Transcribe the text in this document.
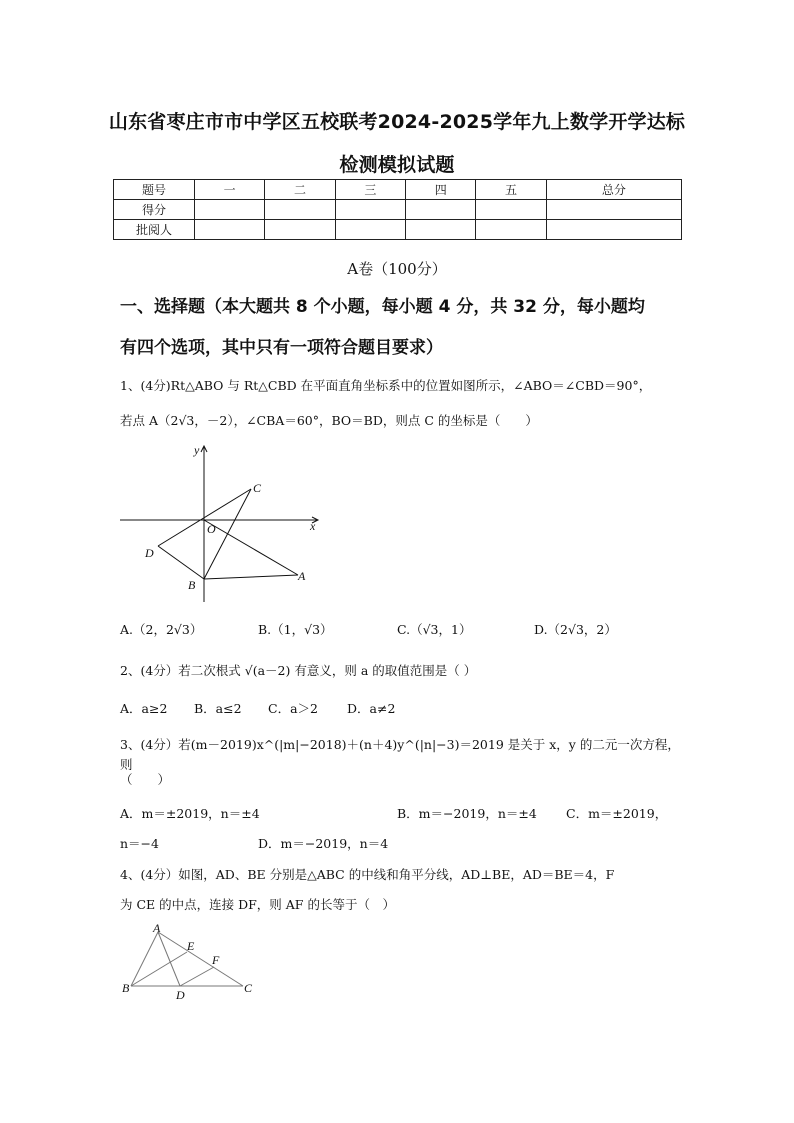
山东省枣庄市市中学区五校联考2024-2025学年九上数学开学达标
检测模拟试题
题号	一	二	三	四	五	总分
得分						
批阅人						
A卷（100分）
一、选择题（本大题共 8 个小题，每小题 4 分，共 32 分，每小题均
有四个选项，其中只有一项符合题目要求）
1、(4分)Rt△ABO 与 Rt△CBD 在平面直角坐标系中的位置如图所示，∠ABO＝∠CBD＝90°，
若点 A（2√3，－2），∠CBA＝60°，BO＝BD，则点 C 的坐标是（　　）
y
x
O
A
B
C
D
A.（2，2√3）	B.（1，√3）	C.（√3，1）	D.（2√3，2）
2、(4分）若二次根式 √(a－2) 有意义，则 a 的取值范围是（ ）
A．a≥2 B．a≤2 C．a＞2 D．a≠2
3、(4分）若(m－2019)x^(|m|−2018)＋(n＋4)y^(|n|−3)＝2019 是关于 x，y 的二元一次方程，则
（　　）
A．m＝±2019，n＝±4	B．m＝−2019，n＝±4 C．m＝±2019，
n＝−4	D．m＝−2019，n＝4
4、(4分）如图，AD、BE 分别是△ABC 的中线和角平分线，AD⊥BE，AD＝BE＝4，F
为 CE 的中点，连接 DF，则 AF 的长等于（　）
A
B	C
D
E
F
